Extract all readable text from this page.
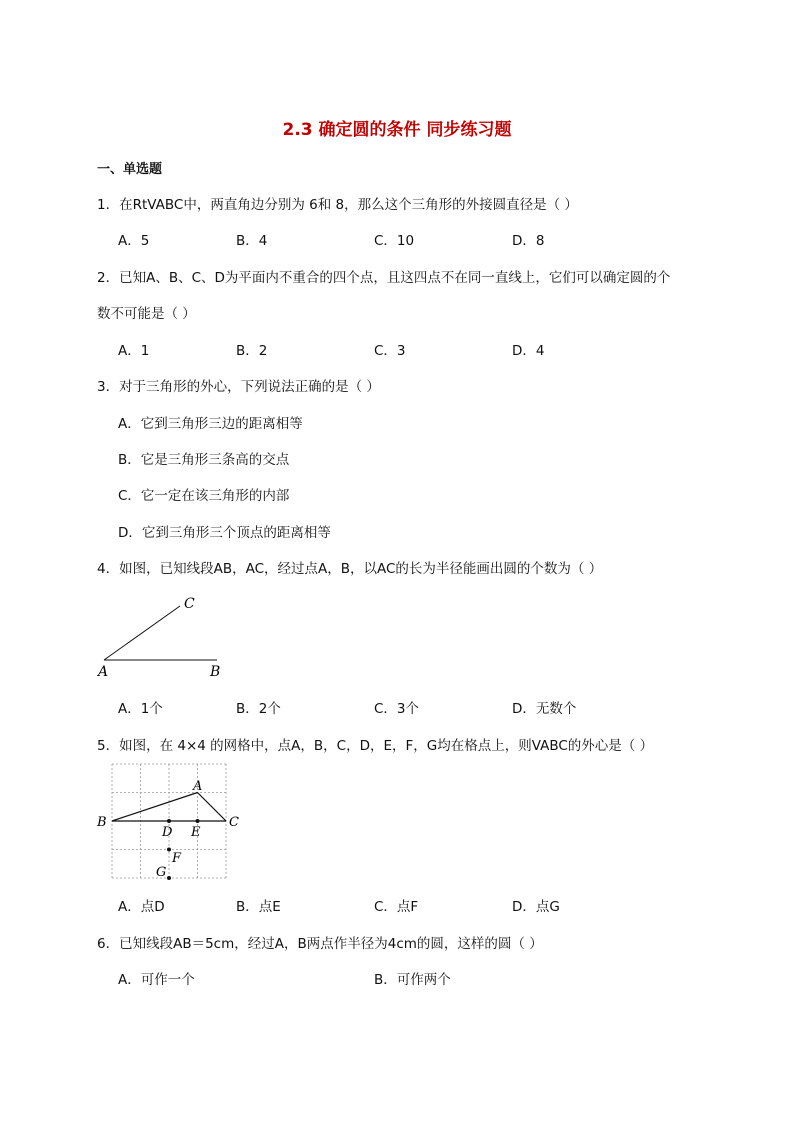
2.3 确定圆的条件 同步练习题
一、单选题
1．在RtVABC中，两直角边分别为 6和 8，那么这个三角形的外接圆直径是（ ）
A．5	B．4	C．10	D．8
2．已知A、B、C、D为平面内不重合的四个点，且这四点不在同一直线上，它们可以确定圆的个
数不可能是（ ）
A．1	B．2	C．3	D．4
3．对于三角形的外心，下列说法正确的是（ ）
A．它到三角形三边的距离相等
B．它是三角形三条高的交点
C．它一定在该三角形的内部
D．它到三角形三个顶点的距离相等
4．如图，已知线段AB，AC，经过点A，B，以AC的长为半径能画出圆的个数为（ ）
A	B
C
A．1个	B．2个	C．3个	D．无数个
5．如图，在 4×4 的网格中，点A，B，C，D，E，F，G均在格点上，则VABC的外心是（ ）
A
B	C
D E
F
G
A．点D	B．点E	C．点F	D．点G
6．已知线段AB＝5cm，经过A，B两点作半径为4cm的圆，这样的圆（ ）
A．可作一个	B．可作两个
